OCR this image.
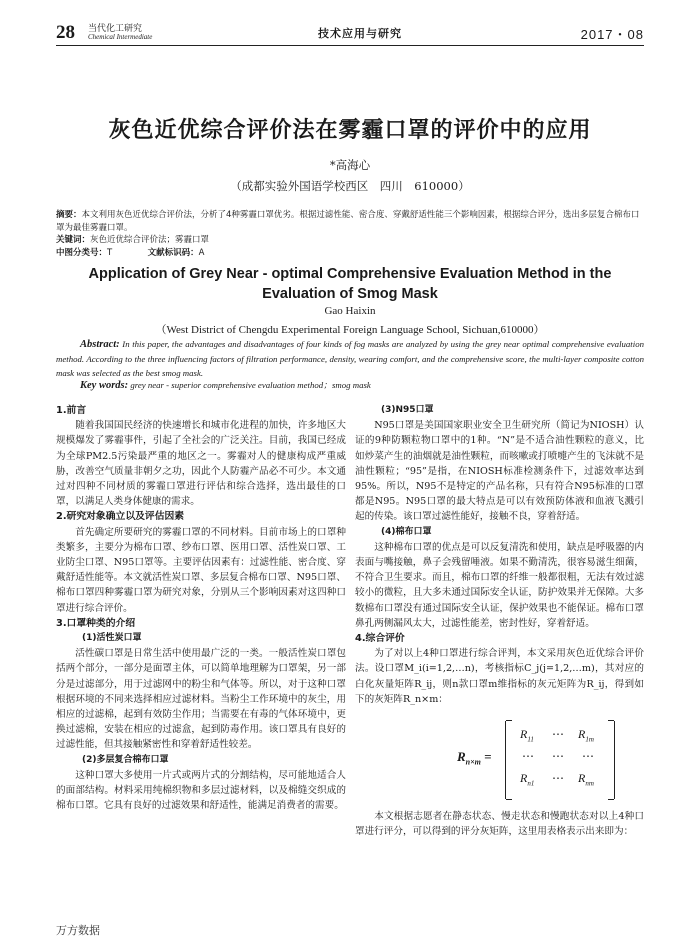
28 当代化工研究
Chemical Intermediate	技术应用与研究	2017・08
灰色近优综合评价法在雾霾口罩的评价中的应用
*高海心
（成都实验外国语学校西区　四川　610000）
摘要：本文利用灰色近优综合评价法，分析了4种雾霾口罩优劣。根据过滤性能、密合度、穿戴舒适性能三个影响因素，根据综合评分，选出多层复合棉布口罩为最佳雾霾口罩。
关键词：灰色近优综合评价法；雾霾口罩
中图分类号：T	文献标识码：A
Application of Grey Near - optimal Comprehensive Evaluation Method in the Evaluation of Smog Mask
Gao Haixin
（West District of Chengdu Experimental Foreign Language School, Sichuan,610000）
Abstract: In this paper, the advantages and disadvantages of four kinds of fog masks are analyzed by using the grey near optimal comprehensive evaluation method. According to the three influencing factors of filtration performance, density, wearing comfort, and the comprehensive score, the multi-layer composite cotton mask was selected as the best smog mask.
Key words: grey near - superior comprehensive evaluation method；smog mask
1.前言
随着我国国民经济的快速增长和城市化进程的加快，许多地区大规模爆发了雾霾事件，引起了全社会的广泛关注。目前，我国已经成为全球PM2.5污染最严重的地区之一。雾霾对人的健康构成严重威胁，改善空气质量非朝夕之功，因此个人防霾产品必不可少。本文通过对四种不同材质的雾霾口罩进行评估和综合选择，选出最佳的口罩，以满足人类身体健康的需求。
2.研究对象确立以及评估因素
首先确定所要研究的雾霾口罩的不同材料。目前市场上的口罩种类繁多，主要分为棉布口罩、纱布口罩、医用口罩、活性炭口罩、工业防尘口罩、N95口罩等。主要评估因素有：过滤性能、密合度、穿戴舒适性能等。本文就活性炭口罩、多层复合棉布口罩、N95口罩、棉布口罩四种雾霾口罩为研究对象，分别从三个影响因素对这四种口罩进行综合评价。
3.口罩种类的介绍
(1)活性炭口罩
活性碳口罩是日常生活中使用最广泛的一类。一般活性炭口罩包括两个部分，一部分是面罩主体，可以简单地理解为口罩架，另一部分是过滤部分，用于过滤网中的粉尘和气体等。所以，对于这种口罩根据环境的不同来选择相应过滤材料。当粉尘工作环境中的灰尘，用相应的过滤棉，起到有效防尘作用；当需要在有毒的气体环境中，更换过滤棉，安装在相应的过滤盒，起到防毒作用。该口罩具有良好的过滤性能，但其接触紧密性和穿着舒适性较差。
(2)多层复合棉布口罩
这种口罩大多使用一片式或两片式的分割结构，尽可能地适合人的面部结构。材料采用纯棉织物和多层过滤材料，以及棉缝交织成的棉布口罩。它具有良好的过滤效果和舒适性，能满足消费者的需要。
(3)N95口罩
N95口罩是美国国家职业安全卫生研究所（简记为NIOSH）认证的9种防颗粒物口罩中的1种。“N”是不适合油性颗粒的意义，比如炒菜产生的油烟就是油性颗粒，而咳嗽或打喷嚏产生的飞沫就不是油性颗粒；“95”是指，在NIOSH标准检测条件下，过滤效率达到95%。所以，N95不是特定的产品名称，只有符合N95标准的口罩都是N95。N95口罩的最大特点是可以有效预防体液和血液飞溅引起的传染。该口罩过滤性能好，接触不良，穿着舒适。
(4)棉布口罩
这种棉布口罩的优点是可以反复清洗和使用，缺点是呼吸器的内表面与嘴接触，鼻子会残留唾液。如果不勤清洗，很容易滋生细菌，不符合卫生要求。而且，棉布口罩的纤维一般都很粗，无法有效过滤较小的微粒，且大多未通过国际安全认证，防护效果并无保障。大多数棉布口罩没有通过国际安全认证，保护效果也不能保证。棉布口罩鼻孔两侧漏风太大，过滤性能差，密封性好，穿着舒适。
4.综合评价
为了对以上4种口罩进行综合评判，本文采用灰色近优综合评价法。设口罩M_i(i=1,2,…n)，考核指标C_j(j=1,2,…m)，其对应的白化灰量矩阵R_ij，则n款口罩m维指标的灰元矩阵为R_ij，得到如下的灰矩阵R_n×m：
$R_{n\times m}$ =
$R_{11}$ ⋯ $R_{1m}$
⋯ ⋯ ⋯
$R_{n1}$ ⋯ $R_{nm}$
本文根据志愿者在静态状态、慢走状态和慢跑状态对以上4种口罩进行评分，可以得到的评分灰矩阵，这里用表格表示出来即为：
万方数据
